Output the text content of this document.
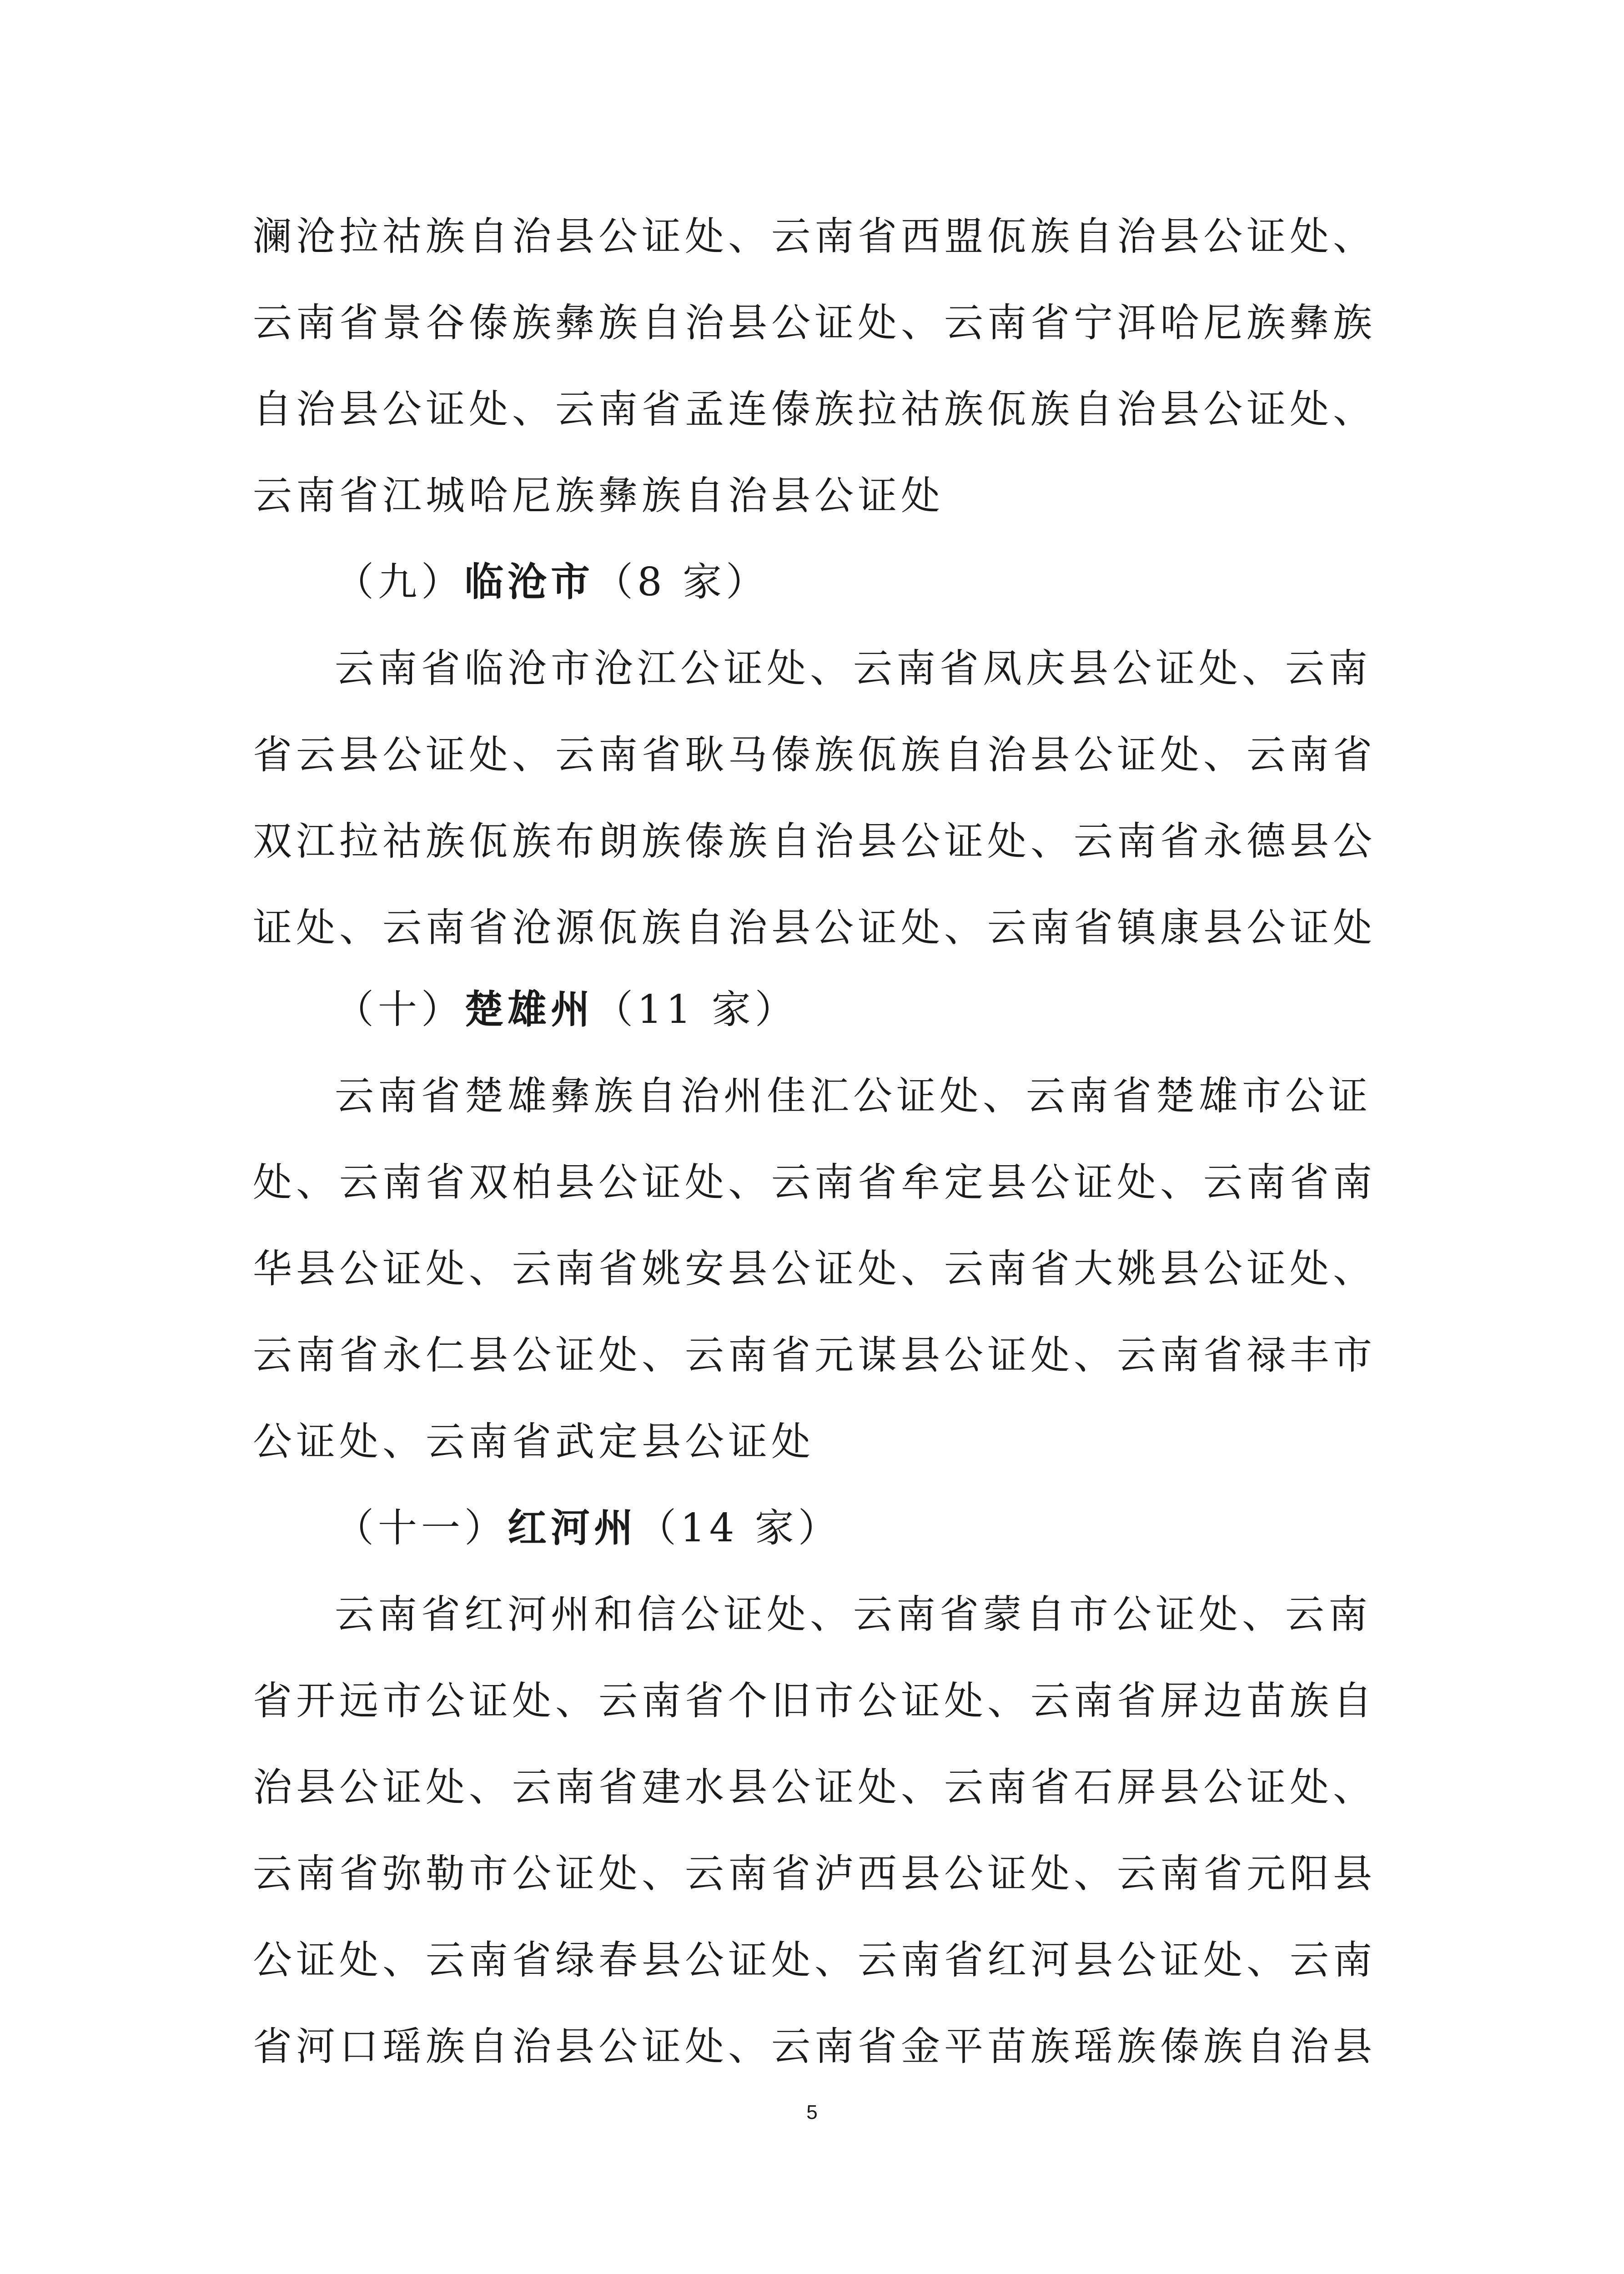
澜沧拉祜族自治县公证处、云南省西盟佤族自治县公证处、
云南省景谷傣族彝族自治县公证处、云南省宁洱哈尼族彝族
自治县公证处、云南省孟连傣族拉祜族佤族自治县公证处、
云南省江城哈尼族彝族自治县公证处
（九）临沧市（8 家）
云南省临沧市沧江公证处、云南省凤庆县公证处、云南
省云县公证处、云南省耿马傣族佤族自治县公证处、云南省
双江拉祜族佤族布朗族傣族自治县公证处、云南省永德县公
证处、云南省沧源佤族自治县公证处、云南省镇康县公证处
（十）楚雄州（11 家）
云南省楚雄彝族自治州佳汇公证处、云南省楚雄市公证
处、云南省双柏县公证处、云南省牟定县公证处、云南省南
华县公证处、云南省姚安县公证处、云南省大姚县公证处、
云南省永仁县公证处、云南省元谋县公证处、云南省禄丰市
公证处、云南省武定县公证处
（十一）红河州（14 家）
云南省红河州和信公证处、云南省蒙自市公证处、云南
省开远市公证处、云南省个旧市公证处、云南省屏边苗族自
治县公证处、云南省建水县公证处、云南省石屏县公证处、
云南省弥勒市公证处、云南省泸西县公证处、云南省元阳县
公证处、云南省绿春县公证处、云南省红河县公证处、云南
省河口瑶族自治县公证处、云南省金平苗族瑶族傣族自治县
5
